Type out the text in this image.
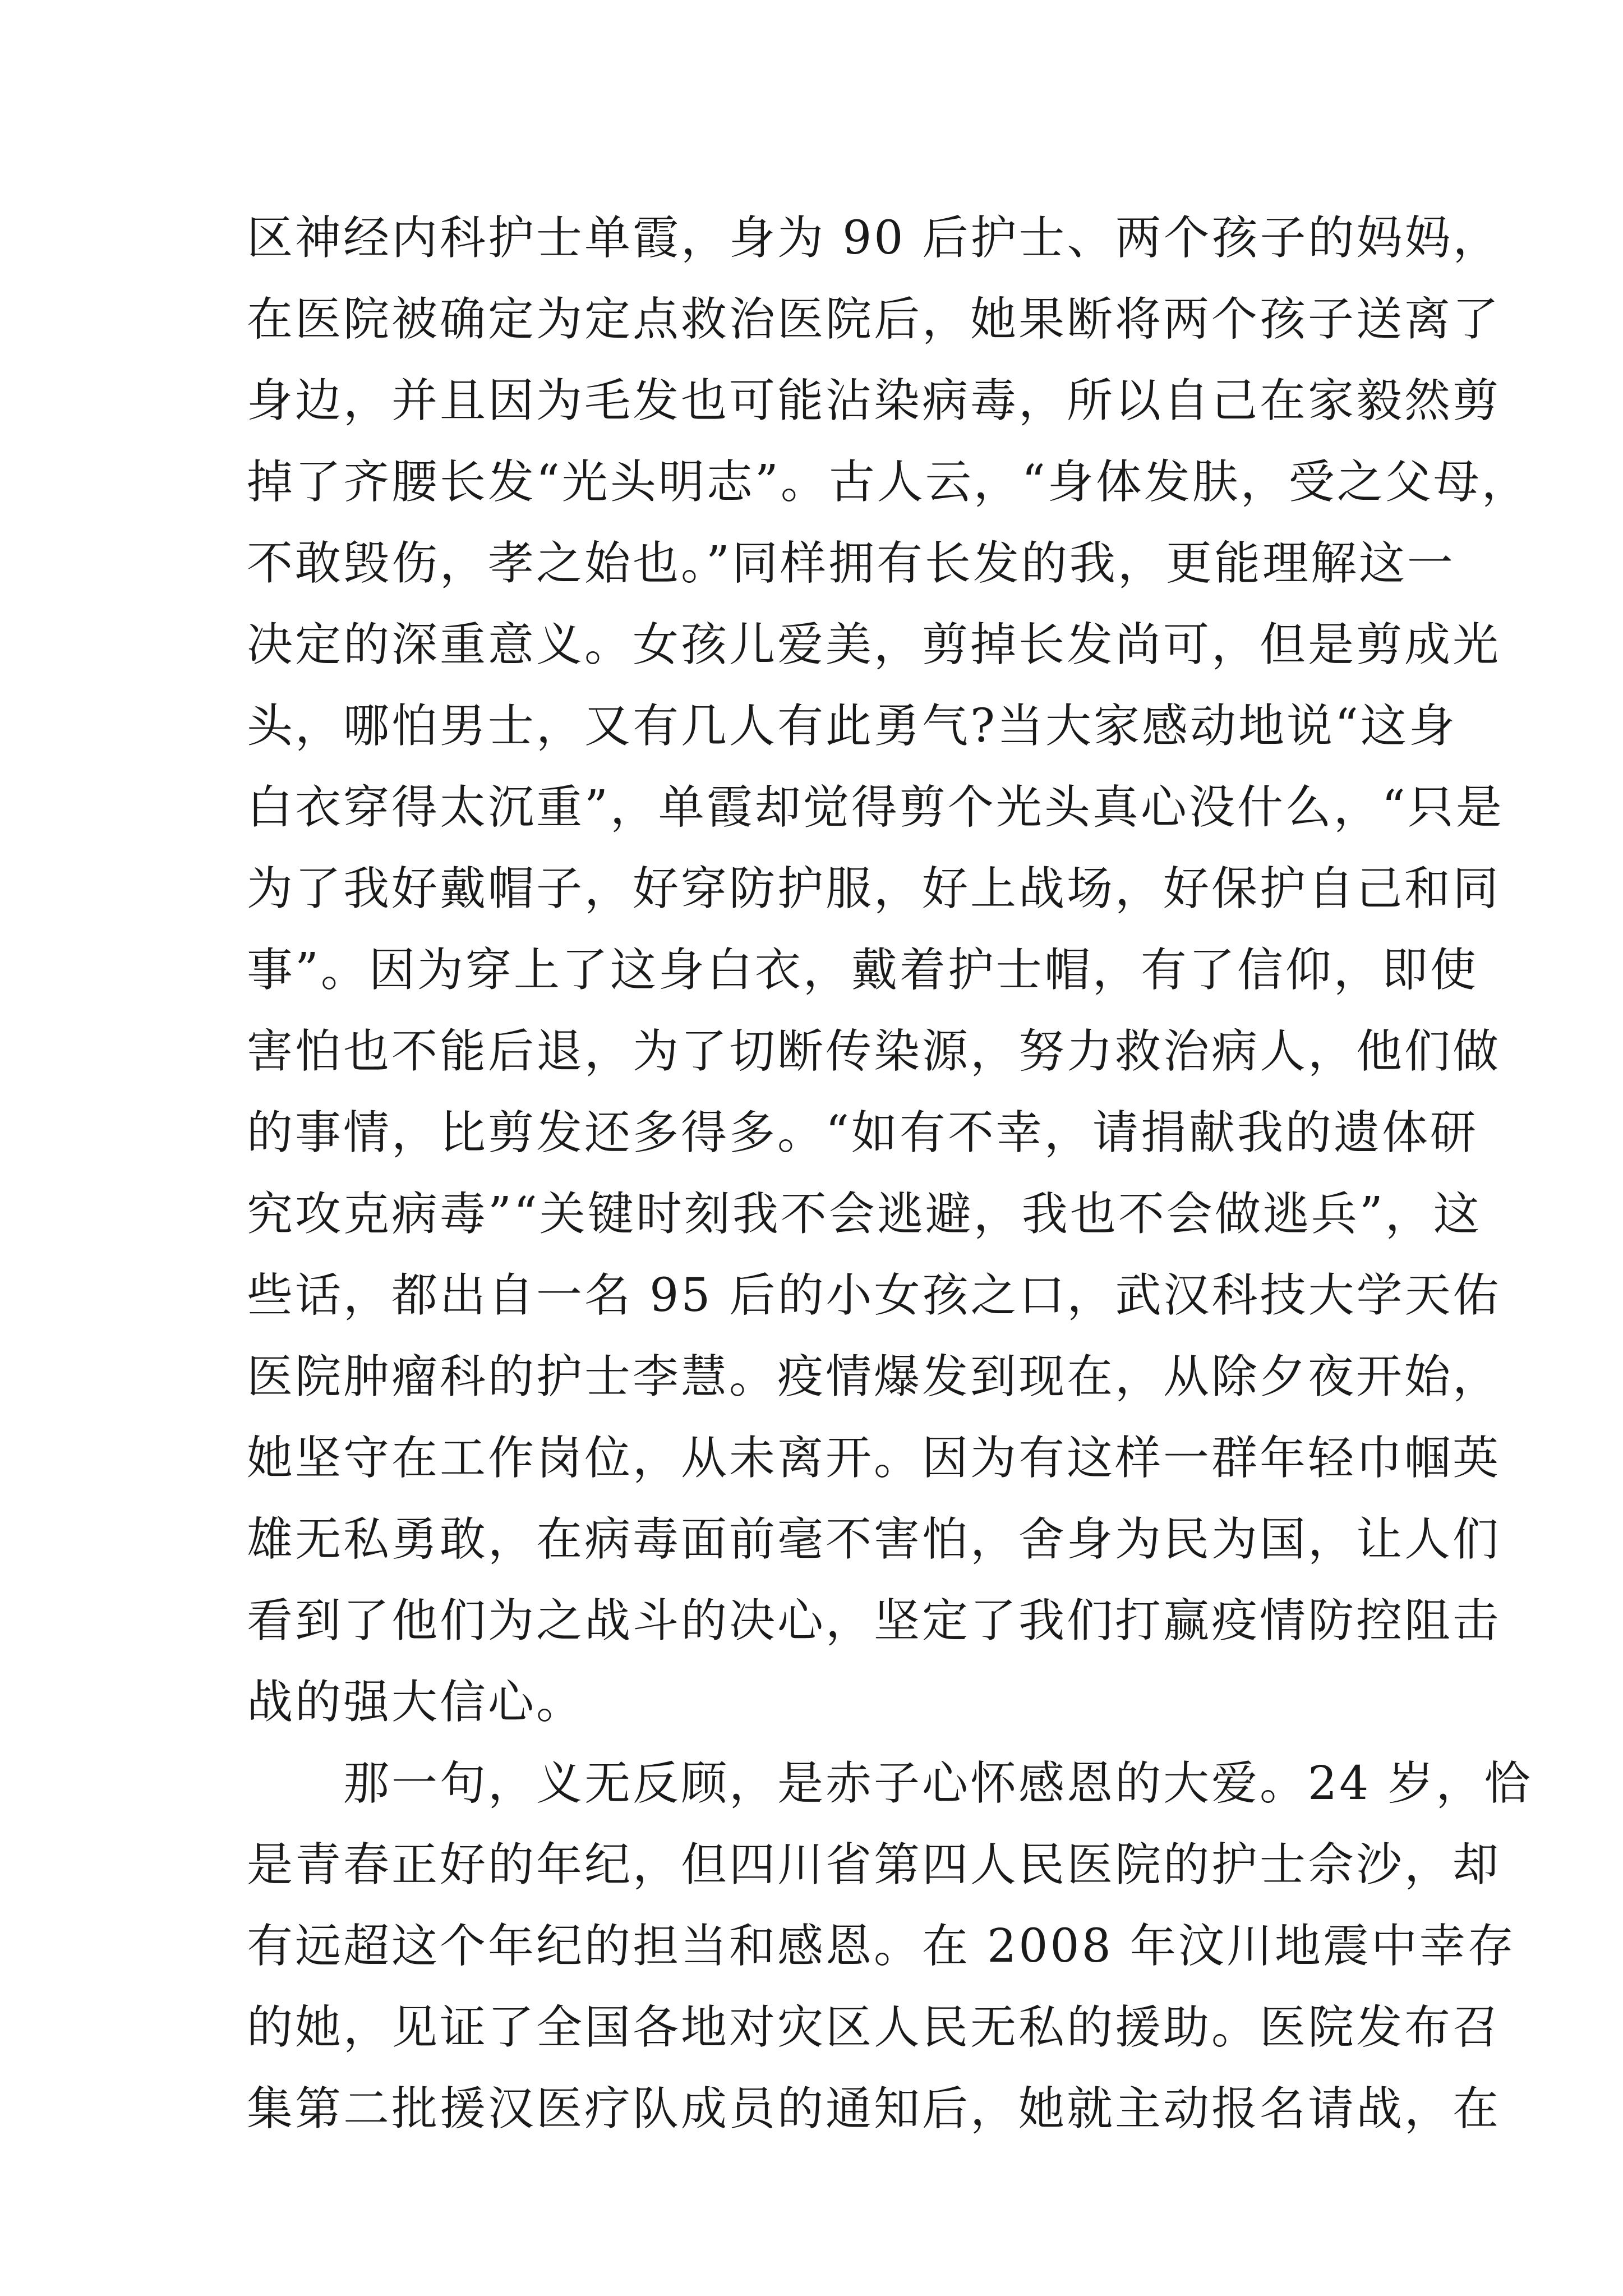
区神经内科护士单霞，身为 90 后护士、两个孩子的妈妈，
在医院被确定为定点救治医院后，她果断将两个孩子送离了
身边，并且因为毛发也可能沾染病毒，所以自己在家毅然剪
掉了齐腰长发“光头明志”。古人云，“身体发肤，受之父母，
不敢毁伤，孝之始也。”同样拥有长发的我，更能理解这一
决定的深重意义。女孩儿爱美，剪掉长发尚可，但是剪成光
头，哪怕男士，又有几人有此勇气?当大家感动地说“这身
白衣穿得太沉重”，单霞却觉得剪个光头真心没什么，“只是
为了我好戴帽子，好穿防护服，好上战场，好保护自己和同
事”。因为穿上了这身白衣，戴着护士帽，有了信仰，即使
害怕也不能后退，为了切断传染源，努力救治病人，他们做
的事情，比剪发还多得多。“如有不幸，请捐献我的遗体研
究攻克病毒”“关键时刻我不会逃避，我也不会做逃兵”，这
些话，都出自一名 95 后的小女孩之口，武汉科技大学天佑
医院肿瘤科的护士李慧。疫情爆发到现在，从除夕夜开始，
她坚守在工作岗位，从未离开。因为有这样一群年轻巾帼英
雄无私勇敢，在病毒面前毫不害怕，舍身为民为国，让人们
看到了他们为之战斗的决心，坚定了我们打赢疫情防控阻击
战的强大信心。
　　那一句，义无反顾，是赤子心怀感恩的大爱。24 岁，恰
是青春正好的年纪，但四川省第四人民医院的护士佘沙，却
有远超这个年纪的担当和感恩。在 2008 年汶川地震中幸存
的她，见证了全国各地对灾区人民无私的援助。医院发布召
集第二批援汉医疗队成员的通知后，她就主动报名请战，在
